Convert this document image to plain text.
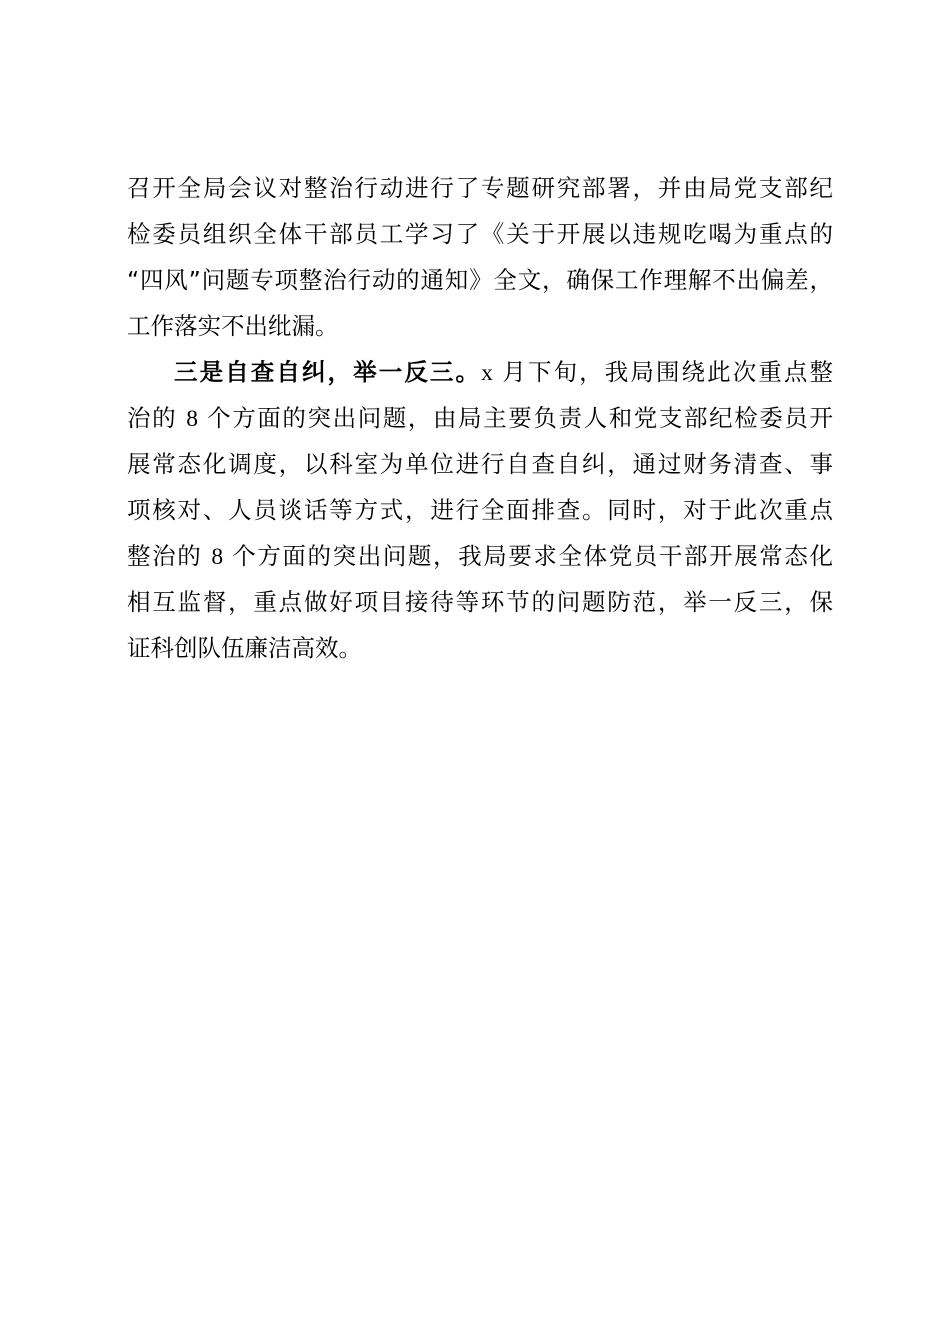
召开全局会议对整治行动进行了专题研究部署，并由局党支部纪
检委员组织全体干部员工学习了《关于开展以违规吃喝为重点的
“四风”问题专项整治行动的通知》全文，确保工作理解不出偏差，
工作落实不出纰漏。
三是自查自纠，举一反三。x 月下旬，我局围绕此次重点整
治的 8 个方面的突出问题，由局主要负责人和党支部纪检委员开
展常态化调度，以科室为单位进行自查自纠，通过财务清查、事
项核对、人员谈话等方式，进行全面排查。同时，对于此次重点
整治的 8 个方面的突出问题，我局要求全体党员干部开展常态化
相互监督，重点做好项目接待等环节的问题防范，举一反三，保
证科创队伍廉洁高效。
